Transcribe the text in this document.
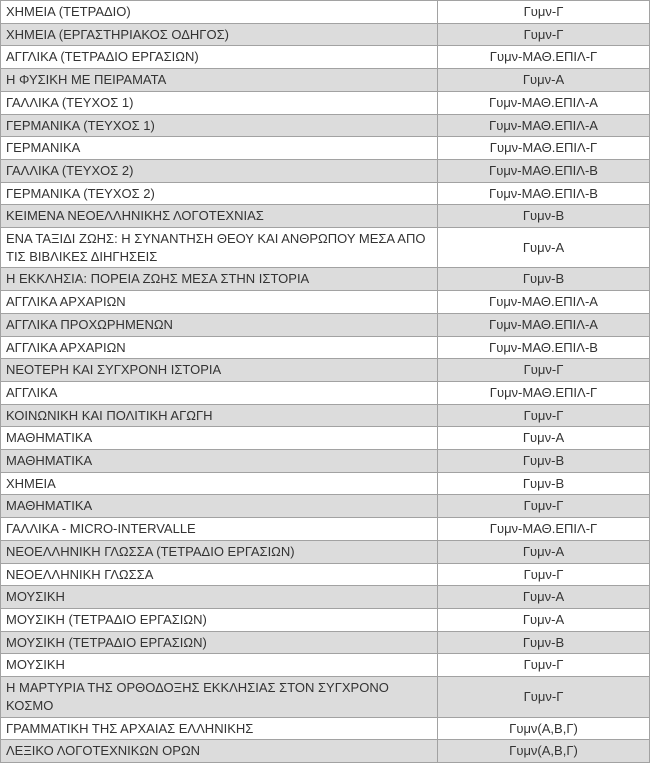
ΧΗΜΕΙΑ (ΤΕΤΡΑΔΙΟ)	Γυμν-Γ
ΧΗΜΕΙΑ (ΕΡΓΑΣΤΗΡΙΑΚΟΣ ΟΔΗΓΟΣ)	Γυμν-Γ
ΑΓΓΛΙΚΑ (ΤΕΤΡΑΔΙΟ ΕΡΓΑΣΙΩΝ)	Γυμν-ΜΑΘ.ΕΠΙΛ-Γ
Η ΦΥΣΙΚΗ ΜΕ ΠΕΙΡΑΜΑΤΑ	Γυμν-Α
ΓΑΛΛΙΚΑ (ΤΕΥΧΟΣ 1)	Γυμν-ΜΑΘ.ΕΠΙΛ-Α
ΓΕΡΜΑΝΙΚΑ (ΤΕΥΧΟΣ 1)	Γυμν-ΜΑΘ.ΕΠΙΛ-Α
ΓΕΡΜΑΝΙΚΑ	Γυμν-ΜΑΘ.ΕΠΙΛ-Γ
ΓΑΛΛΙΚΑ (ΤΕΥΧΟΣ 2)	Γυμν-ΜΑΘ.ΕΠΙΛ-Β
ΓΕΡΜΑΝΙΚΑ (ΤΕΥΧΟΣ 2)	Γυμν-ΜΑΘ.ΕΠΙΛ-Β
ΚΕΙΜΕΝΑ ΝΕΟΕΛΛΗΝΙΚΗΣ ΛΟΓΟΤΕΧΝΙΑΣ	Γυμν-Β
ΕΝΑ ΤΑΞΙΔΙ ΖΩΗΣ: Η ΣΥΝΑΝΤΗΣΗ ΘΕΟΥ ΚΑΙ ΑΝΘΡΩΠΟΥ ΜΕΣΑ ΑΠΟ ΤΙΣ ΒΙΒΛΙΚΕΣ ΔΙΗΓΗΣΕΙΣ	Γυμν-Α
Η ΕΚΚΛΗΣΙΑ: ΠΟΡΕΙΑ ΖΩΗΣ ΜΕΣΑ ΣΤΗΝ ΙΣΤΟΡΙΑ	Γυμν-Β
ΑΓΓΛΙΚΑ ΑΡΧΑΡΙΩΝ	Γυμν-ΜΑΘ.ΕΠΙΛ-Α
ΑΓΓΛΙΚΑ ΠΡΟΧΩΡΗΜΕΝΩΝ	Γυμν-ΜΑΘ.ΕΠΙΛ-Α
ΑΓΓΛΙΚΑ ΑΡΧΑΡΙΩΝ	Γυμν-ΜΑΘ.ΕΠΙΛ-Β
ΝΕΟΤΕΡΗ ΚΑΙ ΣΥΓΧΡΟΝΗ ΙΣΤΟΡΙΑ	Γυμν-Γ
ΑΓΓΛΙΚΑ	Γυμν-ΜΑΘ.ΕΠΙΛ-Γ
ΚΟΙΝΩΝΙΚΗ ΚΑΙ ΠΟΛΙΤΙΚΗ ΑΓΩΓΗ	Γυμν-Γ
ΜΑΘΗΜΑΤΙΚΑ	Γυμν-Α
ΜΑΘΗΜΑΤΙΚΑ	Γυμν-Β
ΧΗΜΕΙΑ	Γυμν-Β
ΜΑΘΗΜΑΤΙΚΑ	Γυμν-Γ
ΓΑΛΛΙΚΑ - MICRO-INTERVALLE	Γυμν-ΜΑΘ.ΕΠΙΛ-Γ
ΝΕΟΕΛΛΗΝΙΚΗ ΓΛΩΣΣΑ (ΤΕΤΡΑΔΙΟ ΕΡΓΑΣΙΩΝ)	Γυμν-Α
ΝΕΟΕΛΛΗΝΙΚΗ ΓΛΩΣΣΑ	Γυμν-Γ
ΜΟΥΣΙΚΗ	Γυμν-Α
ΜΟΥΣΙΚΗ (ΤΕΤΡΑΔΙΟ ΕΡΓΑΣΙΩΝ)	Γυμν-Α
ΜΟΥΣΙΚΗ (ΤΕΤΡΑΔΙΟ ΕΡΓΑΣΙΩΝ)	Γυμν-Β
ΜΟΥΣΙΚΗ	Γυμν-Γ
Η ΜΑΡΤΥΡΙΑ ΤΗΣ ΟΡΘΟΔΟΞΗΣ ΕΚΚΛΗΣΙΑΣ ΣΤΟΝ ΣΥΓΧΡΟΝΟ ΚΟΣΜΟ	Γυμν-Γ
ΓΡΑΜΜΑΤΙΚΗ ΤΗΣ ΑΡΧΑΙΑΣ ΕΛΛΗΝΙΚΗΣ	Γυμν(Α,Β,Γ)
ΛΕΞΙΚΟ ΛΟΓΟΤΕΧΝΙΚΩΝ ΟΡΩΝ	Γυμν(Α,Β,Γ)
